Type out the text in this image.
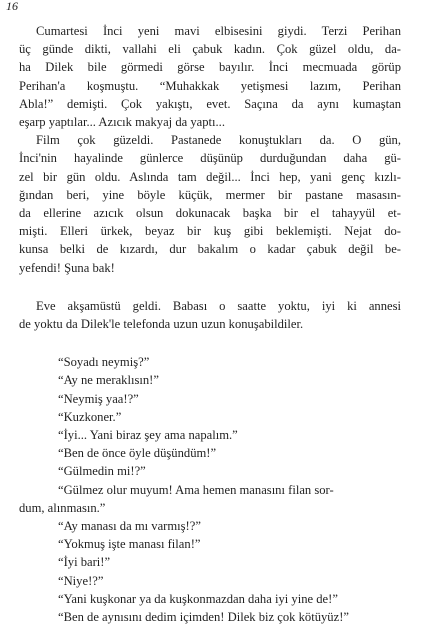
16

Cumartesi İnci yeni mavi elbisesini giydi. Terzi Perihan

üç günde dikti, vallahi eli çabuk kadın. Çok güzel oldu, da-

ha Dilek bile görmedi görse bayılır. İnci mecmuada görüp

Perihan'a koşmuştu. “Muhakkak yetişmesi lazım, Perihan

Abla!” demişti. Çok yakıştı, evet. Saçına da aynı kumaştan

eşarp yaptılar... Azıcık makyaj da yaptı...

Film çok güzeldi. Pastanede konuştukları da. O gün,

İnci'nin hayalinde günlerce düşünüp durduğundan daha gü-

zel bir gün oldu. Aslında tam değil... İnci hep, yani genç kızlı-

ğından beri, yine böyle küçük, mermer bir pastane masasın-

da ellerine azıcık olsun dokunacak başka bir el tahayyül et-

mişti. Elleri ürkek, beyaz bir kuş gibi beklemişti. Nejat do-

kunsa belki de kızardı, dur bakalım o kadar çabuk değil be-

yefendi! Şuna bak!

Eve akşamüstü geldi. Babası o saatte yoktu, iyi ki annesi

de yoktu da Dilek'le telefonda uzun uzun konuşabildiler.

“Soyadı neymiş?”

“Ay ne meraklısın!”

“Neymiş yaa!?”

“Kuzkoner.”

“İyi... Yani biraz şey ama napalım.”

“Ben de önce öyle düşündüm!”

“Gülmedin mi!?”

“Gülmez olur muyum! Ama hemen manasını filan sor-

dum, alınmasın.”

“Ay manası da mı varmış!?”

“Yokmuş işte manası filan!”

“İyi bari!”

“Niye!?”

“Yani kuşkonar ya da kuşkonmazdan daha iyi yine de!”

“Ben de aynısını dedim içimden! Dilek biz çok kötüyüz!”
